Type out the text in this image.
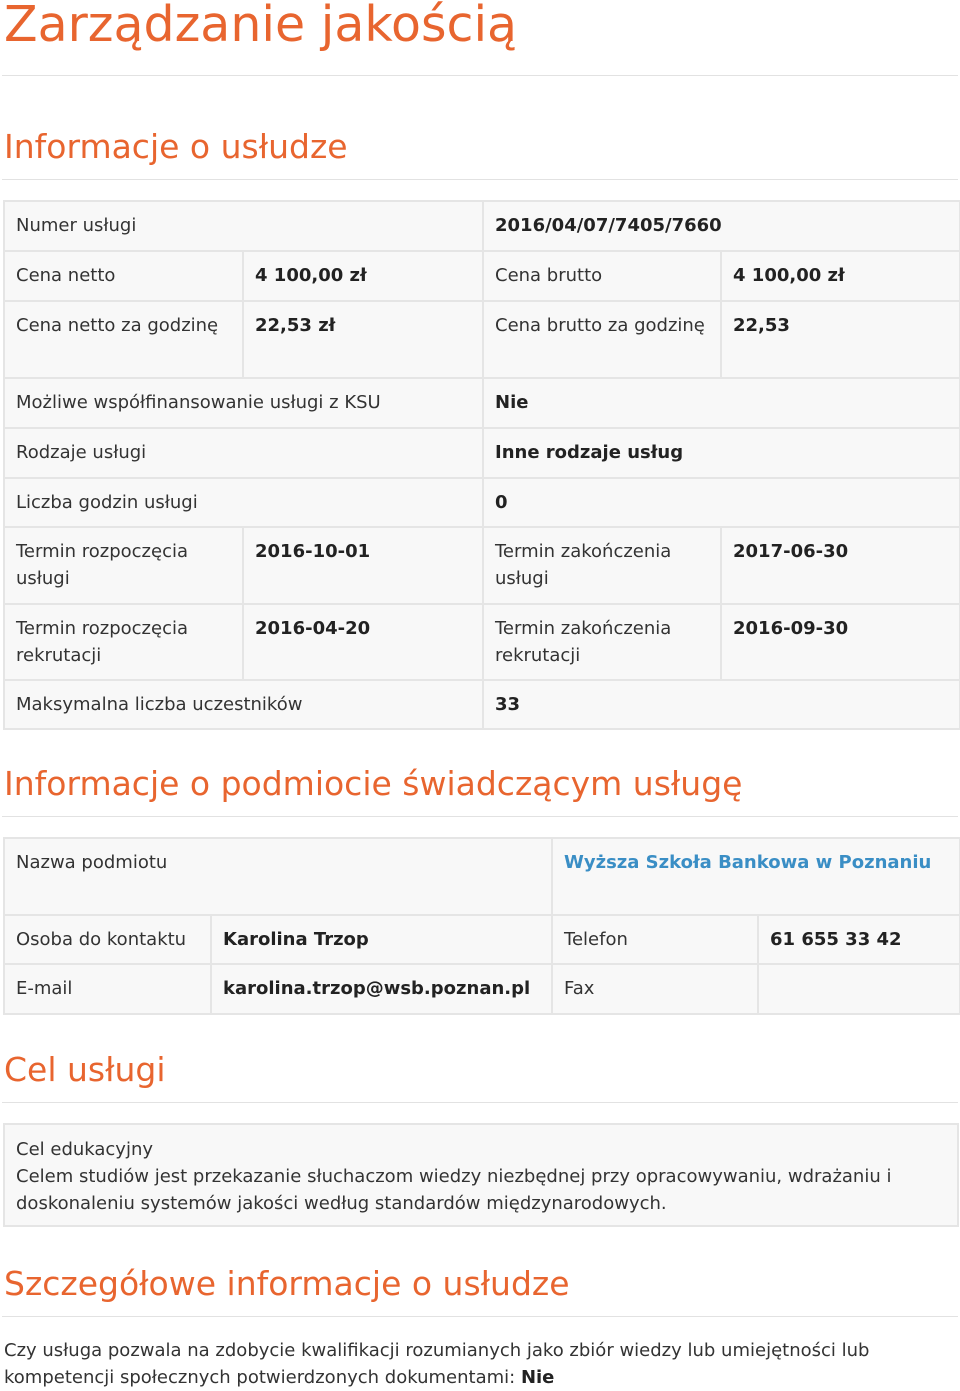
Zarządzanie jakością
Informacje o usłudze
Numer usługi		2016/04/07/7405/7660	
Cena netto	4 100,00 zł	Cena brutto	4 100,00 zł
Cena netto za godzinę	22,53 zł	Cena brutto za godzinę	22,53
Możliwe współfinansowanie usługi z KSU		Nie	
Rodzaje usługi		Inne rodzaje usług	
Liczba godzin usługi		0	
Termin rozpoczęcia usługi	2016-10-01	Termin zakończenia usługi	2017-06-30
Termin rozpoczęcia rekrutacji	2016-04-20	Termin zakończenia rekrutacji	2016-09-30
Maksymalna liczba uczestników		33	
Informacje o podmiocie świadczącym usługę
Nazwa podmiotu		Wyższa Szkoła Bankowa w Poznaniu	
Osoba do kontaktu	Karolina Trzop	Telefon	61 655 33 42
E-mail	karolina.trzop@wsb.poznan.pl	Fax	
Cel usługi
Cel edukacyjny
Celem studiów jest przekazanie słuchaczom wiedzy niezbędnej przy opracowywaniu, wdrażaniu i doskonaleniu systemów jakości według standardów międzynarodowych.
Szczegółowe informacje o usłudze
Czy usługa pozwala na zdobycie kwalifikacji rozumianych jako zbiór wiedzy lub umiejętności lub kompetencji społecznych potwierdzonych dokumentami: Nie
